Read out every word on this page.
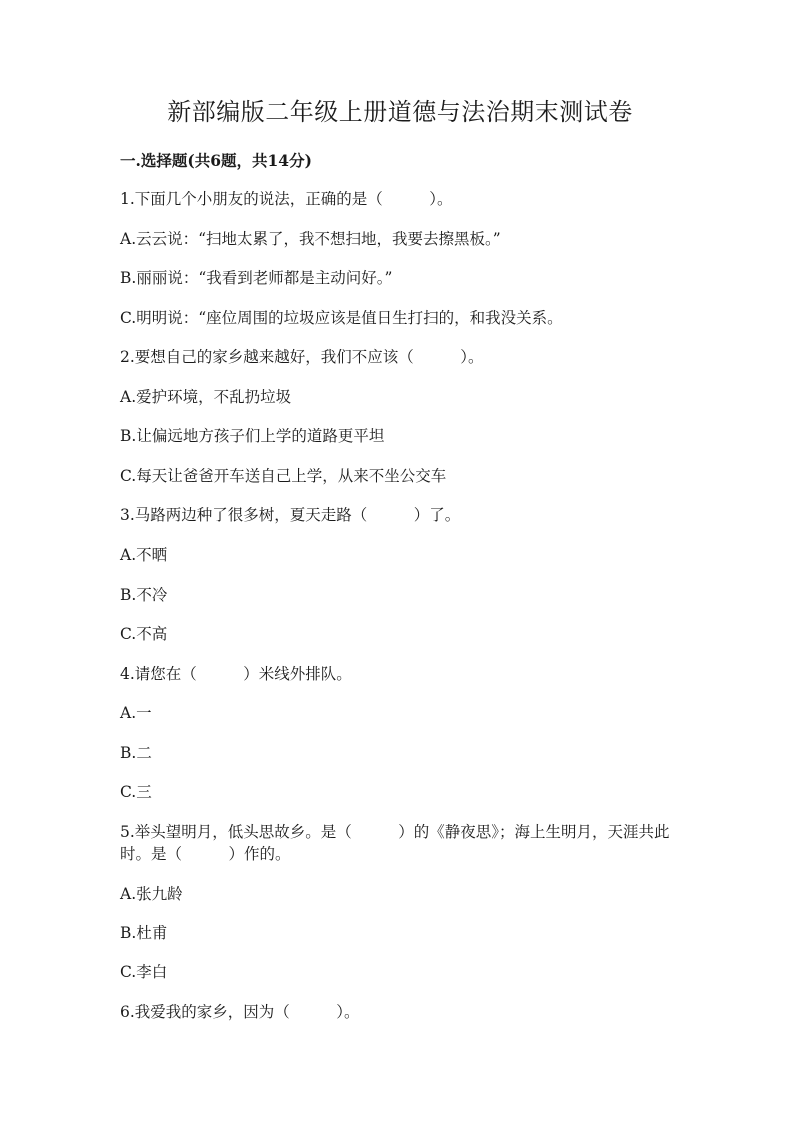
新部编版二年级上册道德与法治期末测试卷
一.选择题(共6题，共14分)
1.下面几个小朋友的说法，正确的是（　　　）。
A.云云说：“扫地太累了，我不想扫地，我要去擦黑板。”
B.丽丽说：“我看到老师都是主动问好。”
C.明明说：“座位周围的垃圾应该是值日生打扫的，和我没关系。
2.要想自己的家乡越来越好，我们不应该（　　　）。
A.爱护环境，不乱扔垃圾
B.让偏远地方孩子们上学的道路更平坦
C.每天让爸爸开车送自己上学，从来不坐公交车
3.马路两边种了很多树，夏天走路（　　　）了。
A.不晒
B.不冷
C.不高
4.请您在（　　　）米线外排队。
A.一
B.二
C.三
5.举头望明月，低头思故乡。是（　　　）的《静夜思》；海上生明月，天涯共此时。是（　　　）作的。
A.张九龄
B.杜甫
C.李白
6.我爱我的家乡，因为（　　　）。
